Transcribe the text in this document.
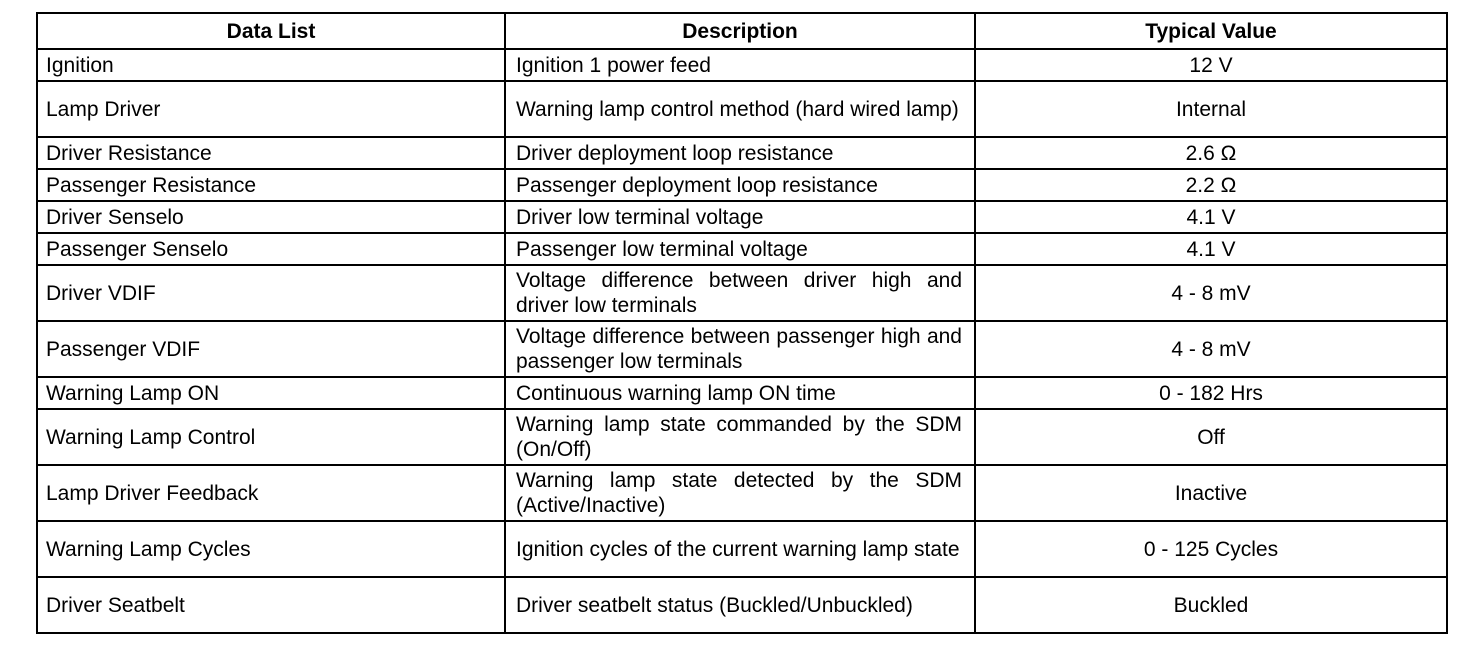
Data List	Description	Typical Value
Ignition	Ignition 1 power feed	12 V
Lamp Driver	Warning lamp control method (hard wired lamp)	Internal
Driver Resistance	Driver deployment loop resistance	2.6 Ω
Passenger Resistance	Passenger deployment loop resistance	2.2 Ω
Driver Senselo	Driver low terminal voltage	4.1 V
Passenger Senselo	Passenger low terminal voltage	4.1 V
Driver VDIF	Voltage difference between driver high and driver low terminals	4 - 8 mV
Passenger VDIF	Voltage difference between passenger high and passenger low terminals	4 - 8 mV
Warning Lamp ON	Continuous warning lamp ON time	0 - 182 Hrs
Warning Lamp Control	Warning lamp state commanded by the SDM (On/Off)	Off
Lamp Driver Feedback	Warning lamp state detected by the SDM (Active/Inactive)	Inactive
Warning Lamp Cycles	Ignition cycles of the current warning lamp state	0 - 125 Cycles
Driver Seatbelt	Driver seatbelt status (Buckled/Unbuckled)	Buckled
